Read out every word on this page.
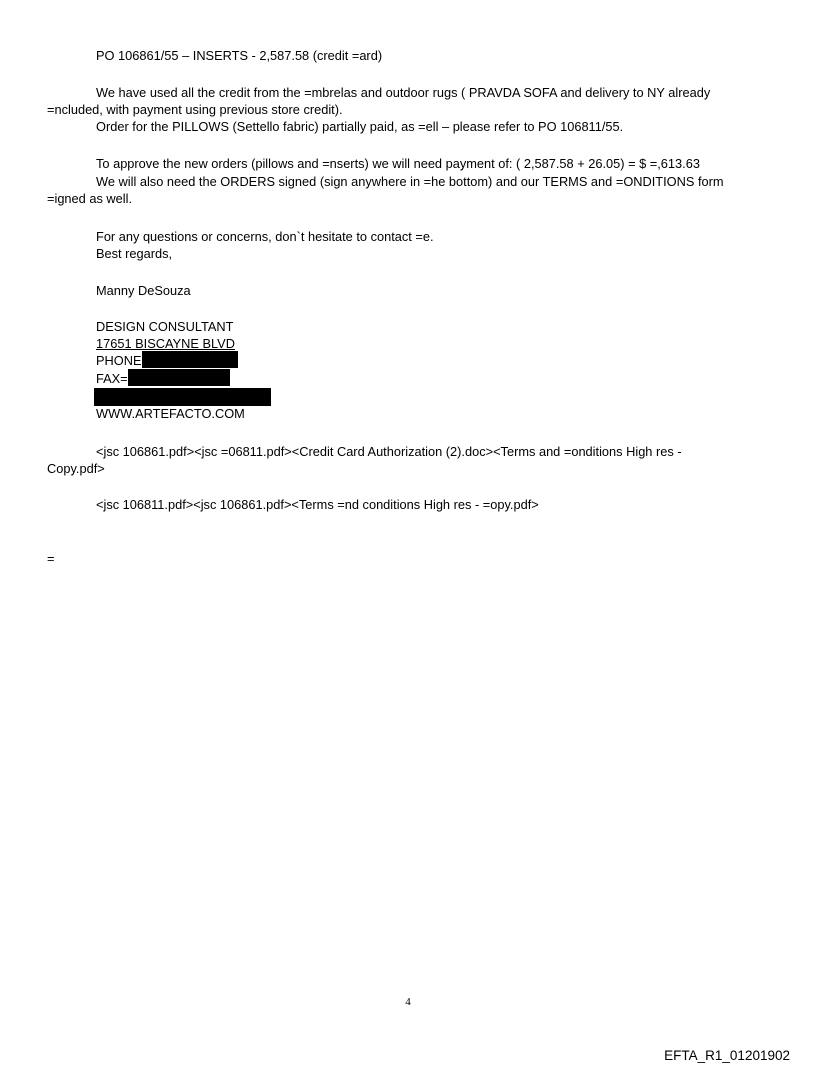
PO 106861/55 – INSERTS - 2,587.58 (credit =ard)
We have used all the credit from the =mbrelas and outdoor rugs ( PRAVDA SOFA and delivery to NY already
=ncluded, with payment using previous store credit).
Order for the PILLOWS (Settello fabric) partially paid, as =ell – please refer to PO 106811/55.
To approve the new orders (pillows and =nserts) we will need payment of: ( 2,587.58 + 26.05) = $ =,613.63
We will also need the ORDERS signed (sign anywhere in =he bottom) and our TERMS and =ONDITIONS form
=igned as well.
For any questions or concerns, don`t hesitate to contact =e.
Best regards,
Manny DeSouza
DESIGN CONSULTANT
17651 BISCAYNE BLVD
PHONE
FAX=
WWW.ARTEFACTO.COM
<jsc 106861.pdf><jsc =06811.pdf><Credit Card Authorization (2).doc><Terms and =onditions High res -
Copy.pdf>
<jsc 106811.pdf><jsc 106861.pdf><Terms =nd conditions High res - =opy.pdf>
=
4
EFTA_R1_01201902
